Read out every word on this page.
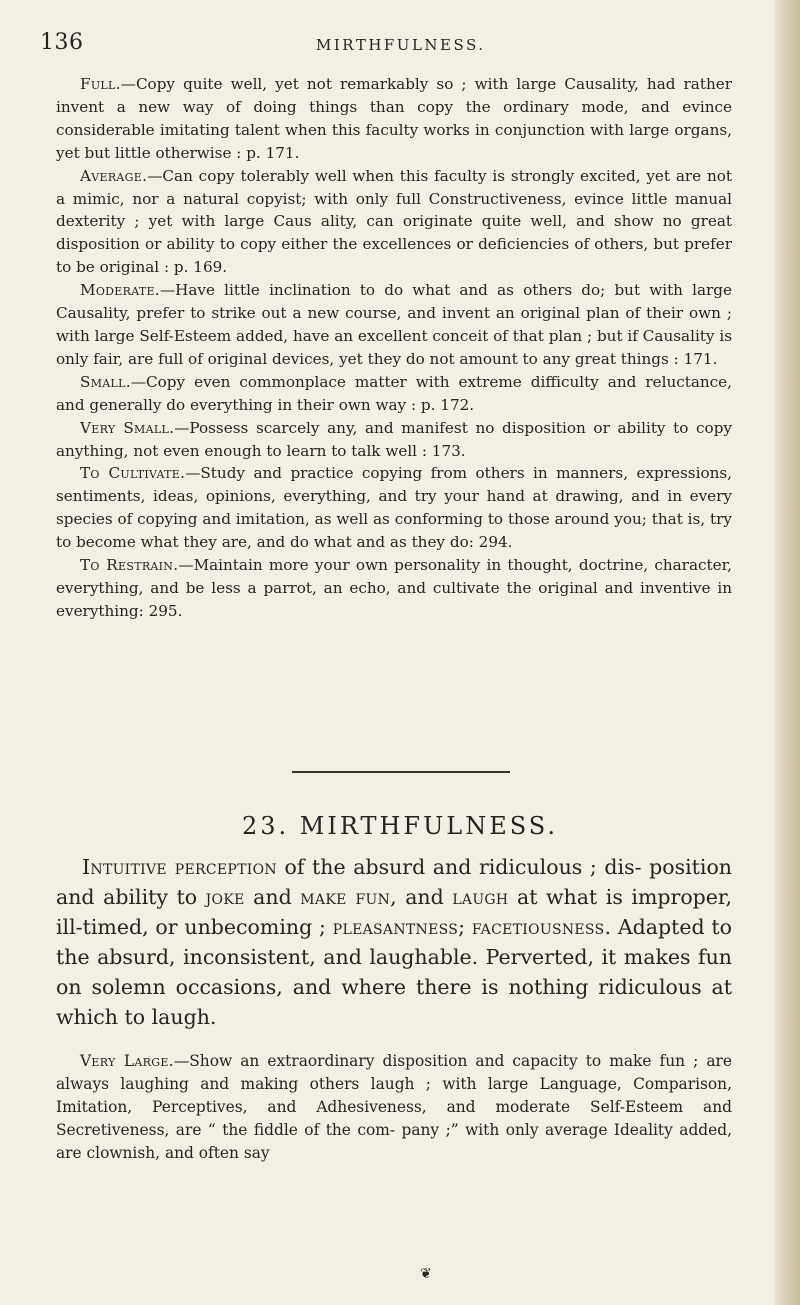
136	MIRTHFULNESS.

Full.—Copy quite well, yet not remarkably so ; with large Causality, had rather invent a new way of doing things than copy the ordinary mode, and evince considerable imitating talent when this faculty works in conjunction with large organs, yet but little otherwise : p. 171.

Average.—Can copy tolerably well when this faculty is strongly excited, yet are not a mimic, nor a natural copyist; with only full Constructiveness, evince little manual dexterity ; yet with large Caus ality, can originate quite well, and show no great disposition or ability to copy either the excellences or deficiencies of others, but prefer to be original : p. 169.

Moderate.—Have little inclination to do what and as others do; but with large Causality, prefer to strike out a new course, and invent an original plan of their own ; with large Self-Esteem added, have an excellent conceit of that plan ; but if Causality is only fair, are full of original devices, yet they do not amount to any great things : 171.

Small.—Copy even commonplace matter with extreme difficulty and reluctance, and generally do everything in their own way : p. 172.

Very Small.—Possess scarcely any, and manifest no disposition or ability to copy anything, not even enough to learn to talk well : 173.

To Cultivate.—Study and practice copying from others in manners, expressions, sentiments, ideas, opinions, everything, and try your hand at drawing, and in every species of copying and imitation, as well as conforming to those around you; that is, try to become what they are, and do what and as they do: 294.

To Restrain.—Maintain more your own personality in thought, doctrine, character, everything, and be less a parrot, an echo, and cultivate the original and inventive in everything: 295.

23. MIRTHFULNESS.

Intuitive perception of the absurd and ridiculous ; dis- position and ability to joke and make fun, and laugh at what is improper, ill-timed, or unbecoming ; pleasantness; facetiousness. Adapted to the absurd, inconsistent, and laughable. Perverted, it makes fun on solemn occasions, and where there is nothing ridiculous at which to laugh.

Very Large.—Show an extraordinary disposition and capacity to make fun ; are always laughing and making others laugh ; with large Language, Comparison, Imitation, Perceptives, and Adhesiveness, and moderate Self-Esteem and Secretiveness, are “ the fiddle of the com- pany ;” with only average Ideality added, are clownish, and often say

❦
